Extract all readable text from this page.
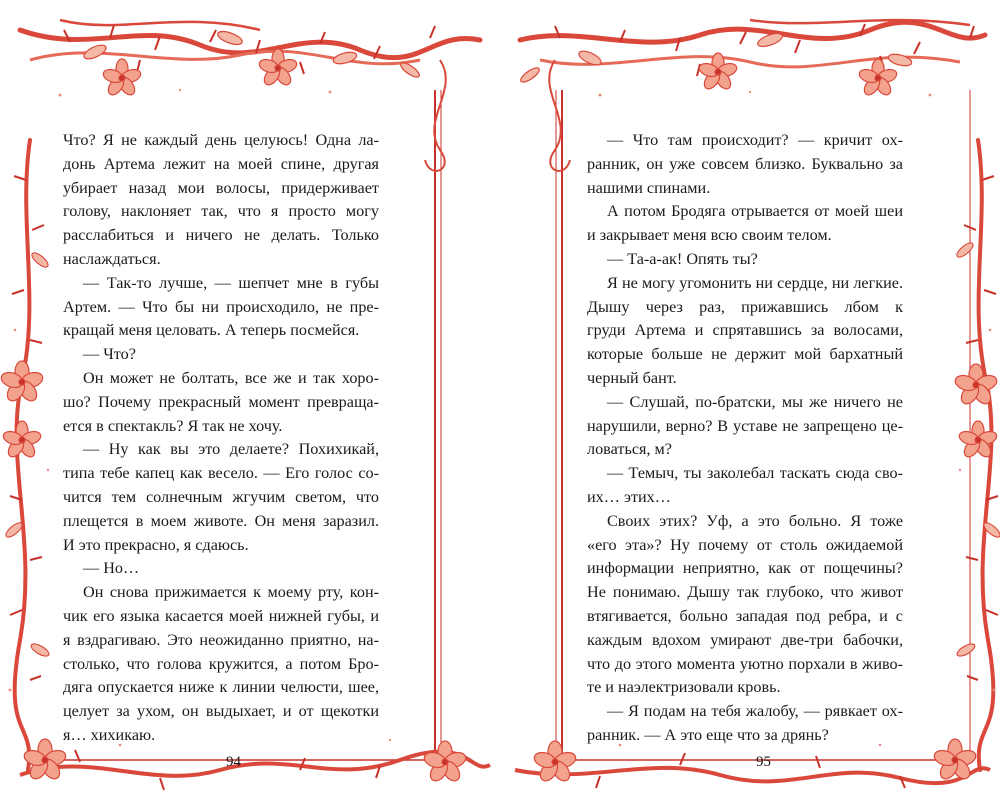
Что? Я не каждый день целуюсь! Одна ла-
донь Артема лежит на моей спине, другая
убирает назад мои волосы, придерживает
голову, наклоняет так, что я просто могу
расслабиться и ничего не делать. Только
наслаждаться.
— Так-то лучше, — шепчет мне в губы
Артем. — Что бы ни происходило, не пре-
кращай меня целовать. А теперь посмейся.
— Что?
Он может не болтать, все же и так хоро-
шо? Почему прекрасный момент превраща-
ется в спектакль? Я так не хочу.
— Ну как вы это делаете? Похихикай,
типа тебе капец как весело. — Его голос со-
чится тем солнечным жгучим светом, что
плещется в моем животе. Он меня заразил.
И это прекрасно, я сдаюсь.
— Но…
Он снова прижимается к моему рту, кон-
чик его языка касается моей нижней губы, и
я вздрагиваю. Это неожиданно приятно, на-
столько, что голова кружится, а потом Бро-
дяга опускается ниже к линии челюсти, шее,
целует за ухом, он выдыхает, и от щекотки
я… хихикаю.
94
— Что там происходит? — кричит ох-
ранник, он уже совсем близко. Буквально за
нашими спинами.
А потом Бродяга отрывается от моей шеи
и закрывает меня всю своим телом.
— Та-а-ак! Опять ты?
Я не могу угомонить ни сердце, ни легкие.
Дышу через раз, прижавшись лбом к
груди Артема и спрятавшись за волосами,
которые больше не держит мой бархатный
черный бант.
— Слушай, по-братски, мы же ничего не
нарушили, верно? В уставе не запрещено це-
ловаться, м?
— Темыч, ты заколебал таскать сюда сво-
их… этих…
Своих этих? Уф, а это больно. Я тоже
«его эта»? Ну почему от столь ожидаемой
информации неприятно, как от пощечины?
Не понимаю. Дышу так глубоко, что живот
втягивается, больно западая под ребра, и с
каждым вдохом умирают две-три бабочки,
что до этого момента уютно порхали в живо-
те и наэлектризовали кровь.
— Я подам на тебя жалобу, — рявкает ох-
ранник. — А это еще что за дрянь?
95
